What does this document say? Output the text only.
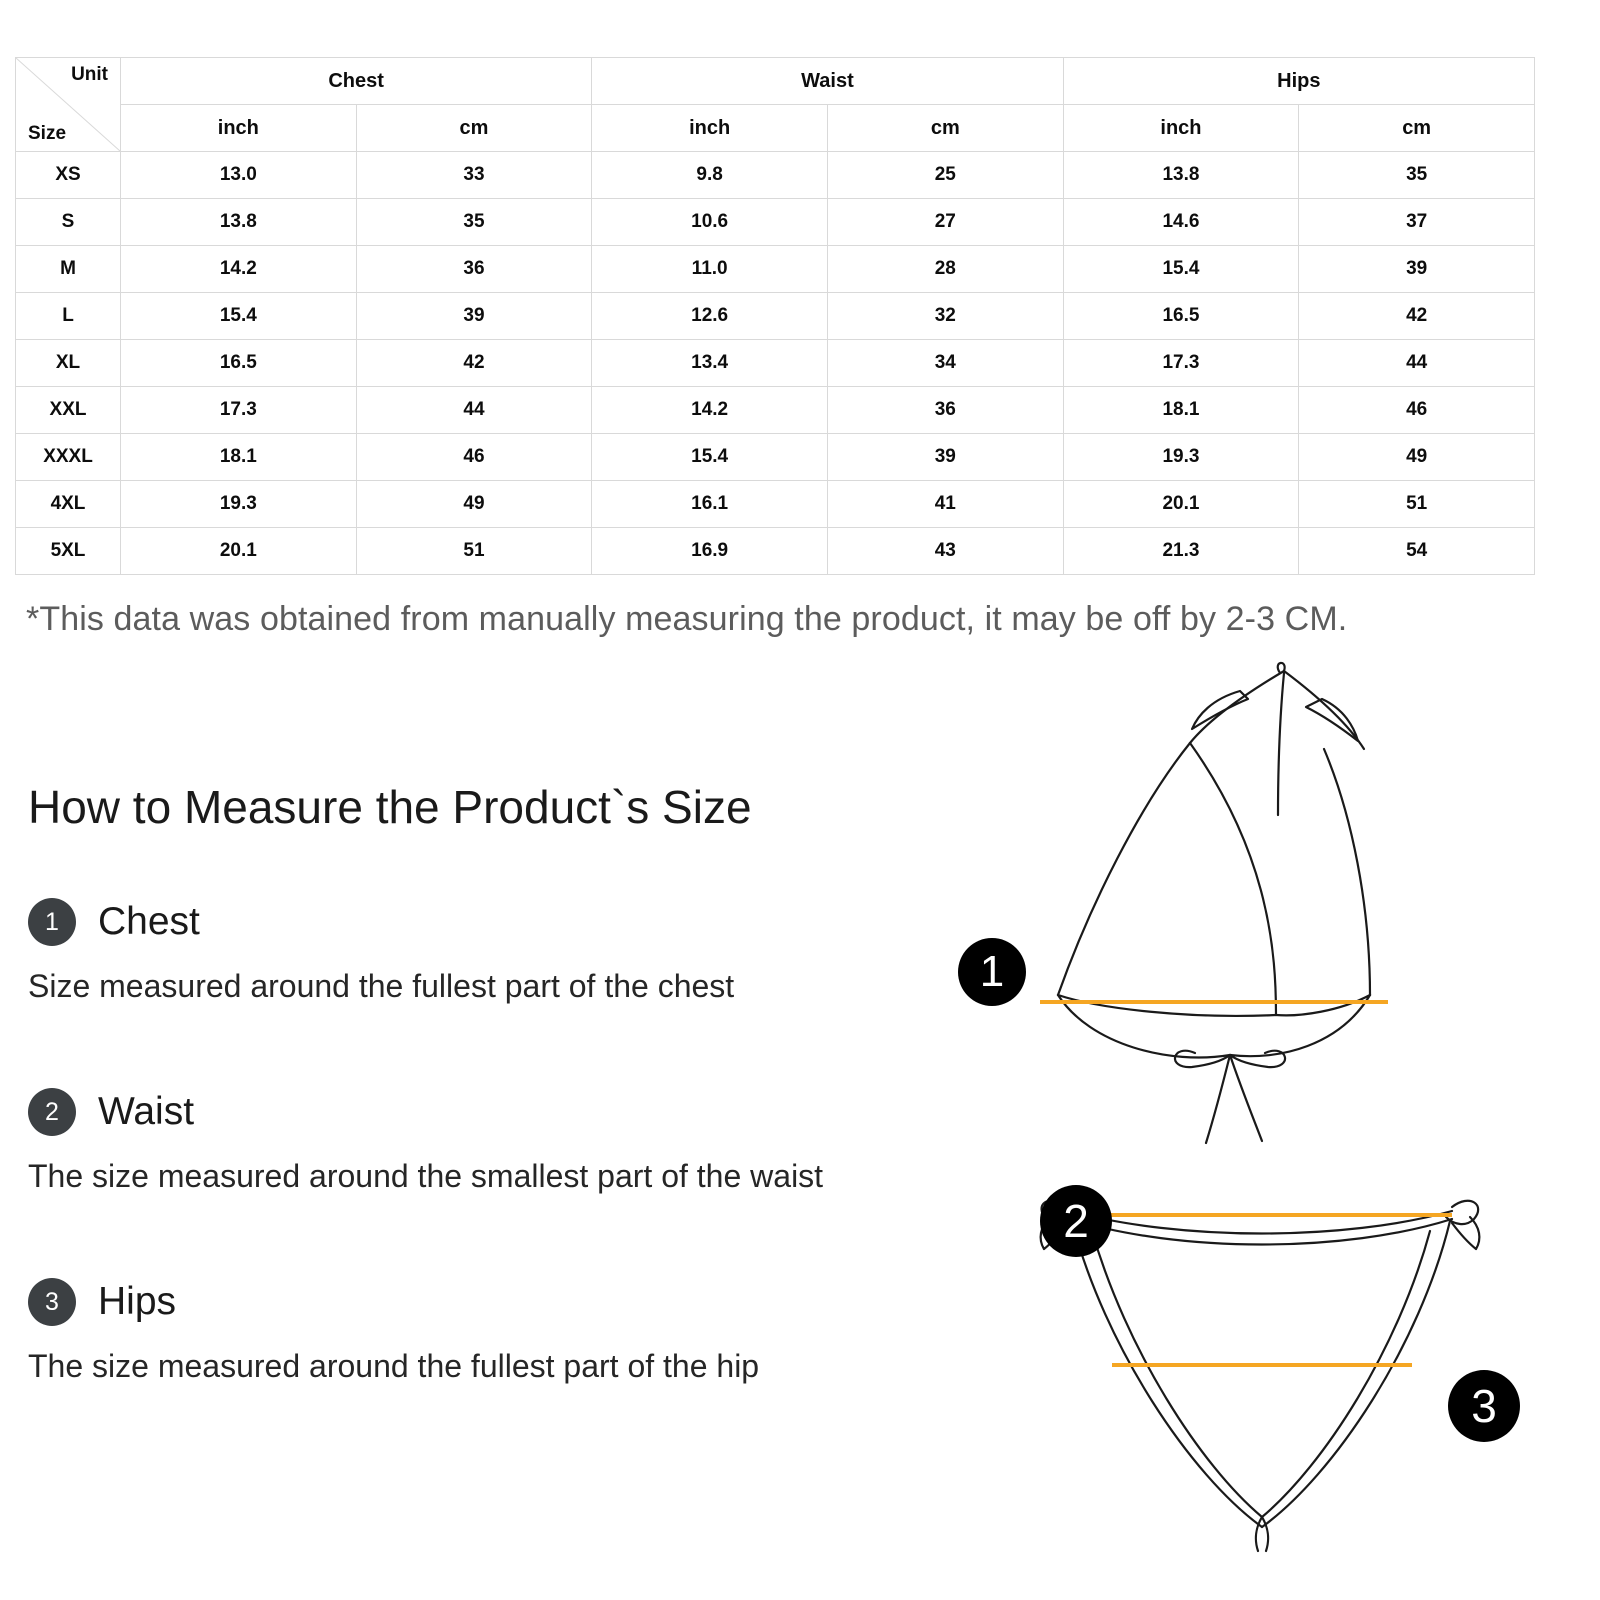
Unit
Size	Chest		Waist		Hips	
	inch	cm	inch	cm	inch	cm
XS	13.0	33	9.8	25	13.8	35
S	13.8	35	10.6	27	14.6	37
M	14.2	36	11.0	28	15.4	39
L	15.4	39	12.6	32	16.5	42
XL	16.5	42	13.4	34	17.3	44
XXL	17.3	44	14.2	36	18.1	46
XXXL	18.1	46	15.4	39	19.3	49
4XL	19.3	49	16.1	41	20.1	51
5XL	20.1	51	16.9	43	21.3	54
*This data was obtained from manually measuring the product, it may be off by 2-3 CM.
How to Measure the Product`s Size
1 Chest
Size measured around the fullest part of the chest
2 Waist
The size measured around the smallest part of the waist
3 Hips
The size measured around the fullest part of the hip
1
2
3
